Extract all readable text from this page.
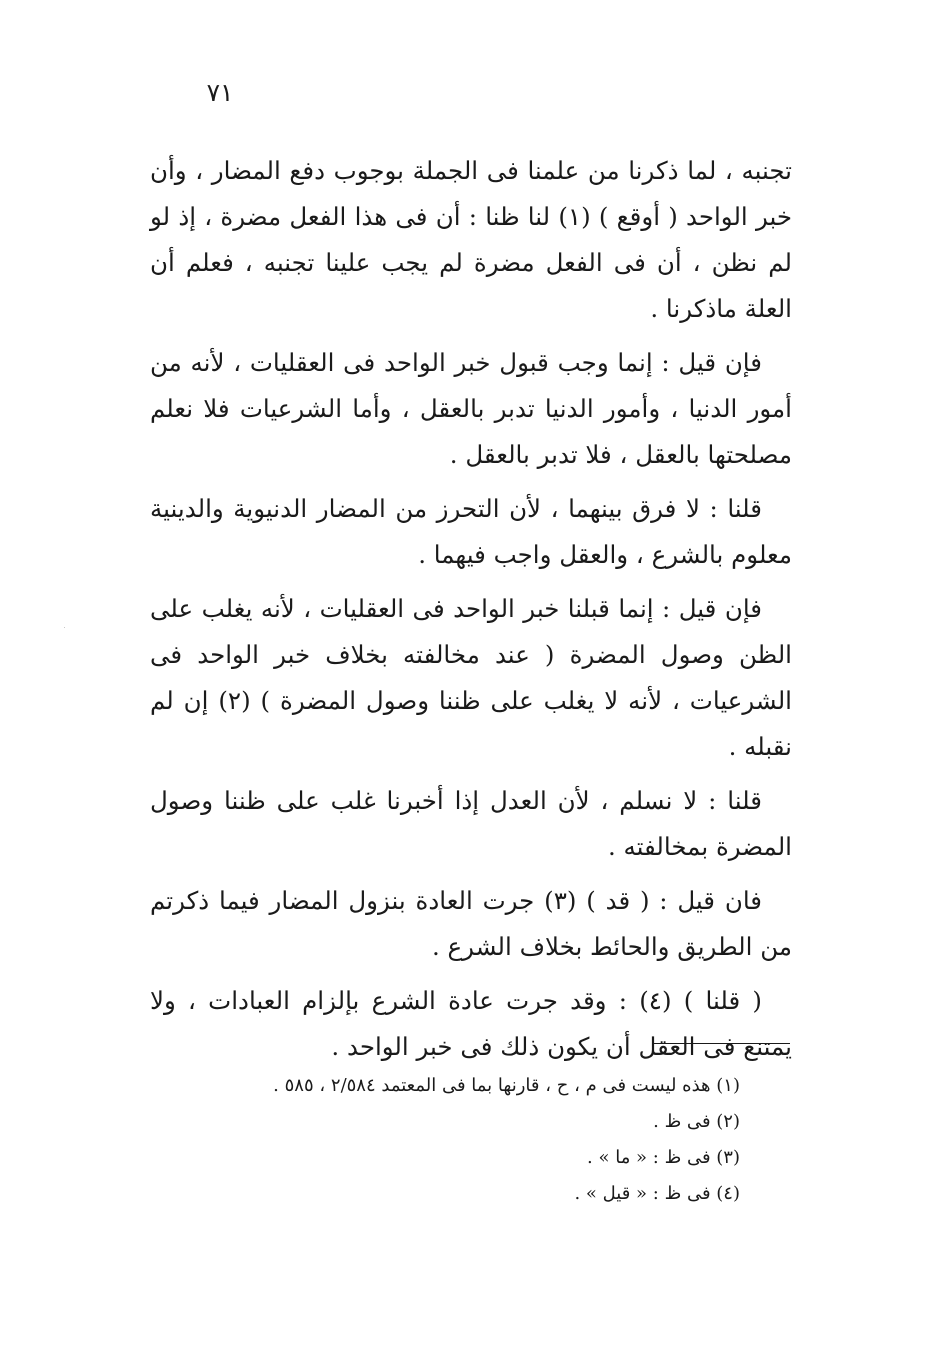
٧١

تجنبه ، لما ذكرنا من علمنا فى الجملة بوجوب دفع المضار ، وأن خبر الواحد ( أوقع ) (١) لنا ظنا : أن فى هذا الفعل مضرة ، إذ لو لم نظن ، أن فى الفعل مضرة لم يجب علينا تجنبه ، فعلم أن العلة ماذكرنا .

فإن قيل : إنما وجب قبول خبر الواحد فى العقليات ، لأنه من أمور الدنيا ، وأمور الدنيا تدبر بالعقل ، وأما الشرعيات فلا نعلم مصلحتها بالعقل ، فلا تدبر بالعقل .

قلنا : لا فرق بينهما ، لأن التحرز من المضار الدنيوية والدينية معلوم بالشرع ، والعقل واجب فيهما .

فإن قيل : إنما قبلنا خبر الواحد فى العقليات ، لأنه يغلب على الظن وصول المضرة ( عند مخالفته بخلاف خبر الواحد فى الشرعيات ، لأنه لا يغلب على ظننا وصول المضرة ) (٢) إن لم نقبله .

قلنا : لا نسلم ، لأن العدل إذا أخبرنا غلب على ظننا وصول المضرة بمخالفته .

فان قيل : ( قد ) (٣) جرت العادة بنزول المضار فيما ذكرتم من الطريق والحائط بخلاف الشرع .

( قلنا ) (٤) : وقد جرت عادة الشرع بإلزام العبادات ، ولا يمتنع فى العقل أن يكون ذلك فى خبر الواحد .

(١) هذه ليست فى م ، ح ، قارنها بما فى المعتمد ٢/٥٨٤ ، ٥٨٥ .
(٢) فى ظ .
(٣) فى ظ : « ما » .
(٤) فى ظ : « قيل » .
